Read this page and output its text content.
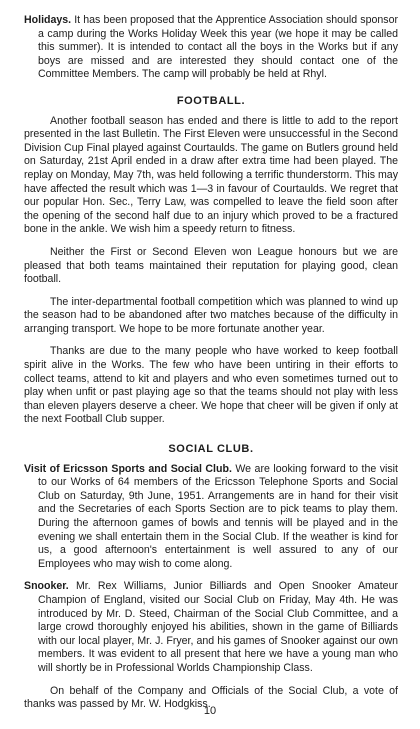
Holidays. It has been proposed that the Apprentice Association should sponsor a camp during the Works Holiday Week this year (we hope it may be called this summer). It is intended to contact all the boys in the Works but if any boys are missed and are interested they should contact one of the Committee Members. The camp will probably be held at Rhyl.

FOOTBALL.

Another football season has ended and there is little to add to the report presented in the last Bulletin. The First Eleven were unsuccessful in the Second Division Cup Final played against Courtaulds. The game on Butlers ground held on Saturday, 21st April ended in a draw after extra time had been played. The replay on Monday, May 7th, was held following a terrific thunderstorm. This may have affected the result which was 1—3 in favour of Courtaulds. We regret that our popular Hon. Sec., Terry Law, was compelled to leave the field soon after the opening of the second half due to an injury which proved to be a fractured bone in the ankle. We wish him a speedy return to fitness.

Neither the First or Second Eleven won League honours but we are pleased that both teams maintained their reputation for playing good, clean football.

The inter-departmental football competition which was planned to wind up the season had to be abandoned after two matches because of the difficulty in arranging transport. We hope to be more fortunate another year.

Thanks are due to the many people who have worked to keep football spirit alive in the Works. The few who have been untiring in their efforts to collect teams, attend to kit and players and who even sometimes turned out to play when unfit or past playing age so that the teams should not play with less than eleven players deserve a cheer. We hope that cheer will be given if only at the next Football Club supper.

SOCIAL CLUB.

Visit of Ericsson Sports and Social Club. We are looking forward to the visit to our Works of 64 members of the Ericsson Telephone Sports and Social Club on Saturday, 9th June, 1951. Arrangements are in hand for their visit and the Secretaries of each Sports Section are to pick teams to play them. During the afternoon games of bowls and tennis will be played and in the evening we shall entertain them in the Social Club. If the weather is kind for us, a good afternoon's entertainment is well assured to any of our Employees who may wish to come along.

Snooker. Mr. Rex Williams, Junior Billiards and Open Snooker Amateur Champion of England, visited our Social Club on Friday, May 4th. He was introduced by Mr. D. Steed, Chairman of the Social Club Committee, and a large crowd thoroughly enjoyed his abilities, shown in the game of Billiards with our local player, Mr. J. Fryer, and his games of Snooker against our own members. It was evident to all present that here we have a young man who will shortly be in Professional Worlds Championship Class.

On behalf of the Company and Officials of the Social Club, a vote of thanks was passed by Mr. W. Hodgkiss.

10
